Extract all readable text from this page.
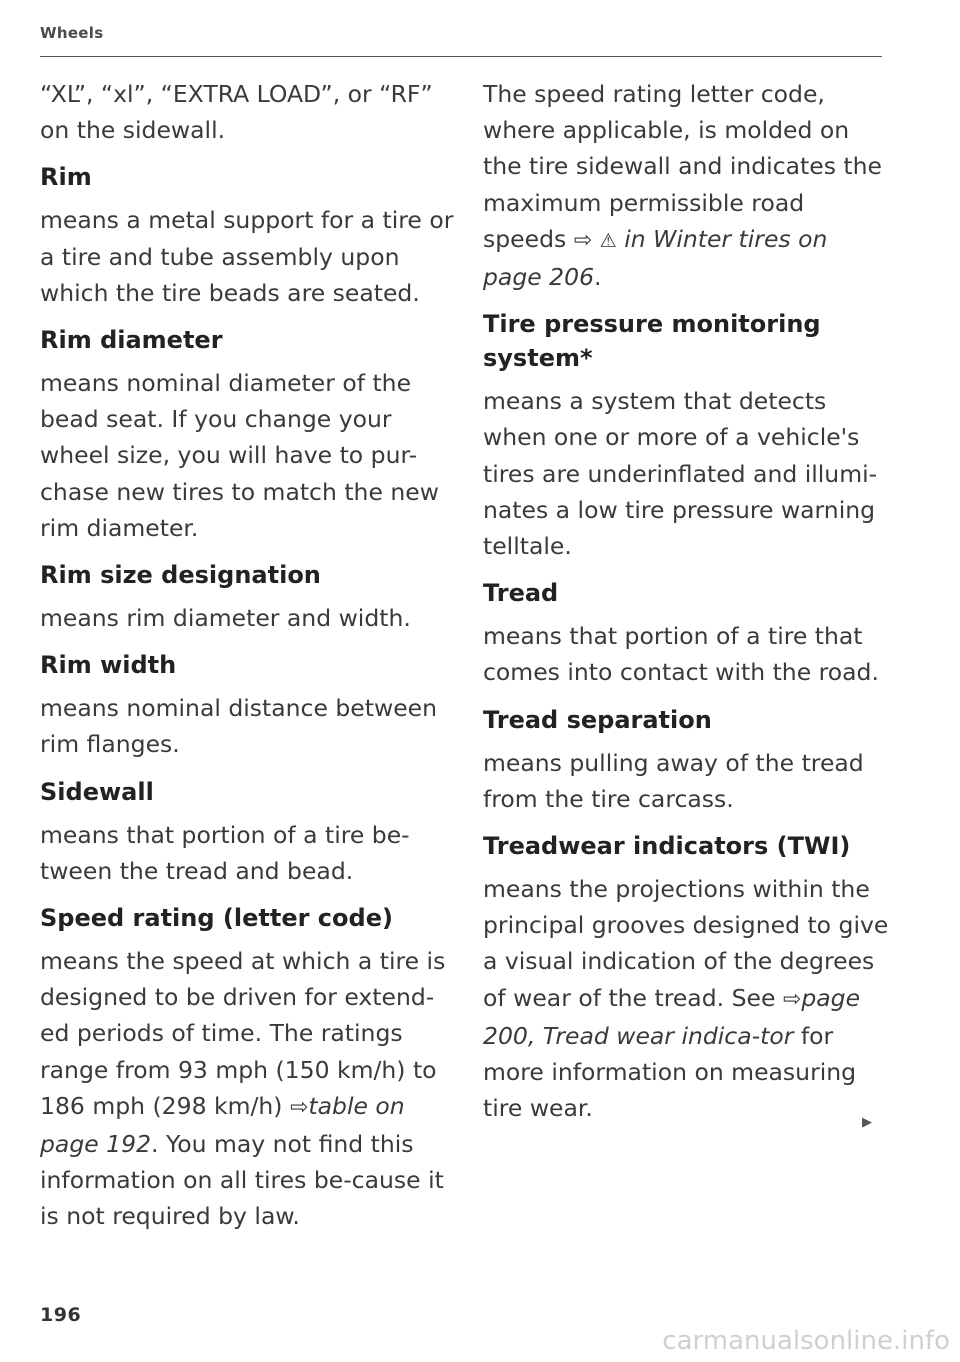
Wheels

“XL”, “xl”, “EXTRA LOAD”, or “RF” on the sidewall.

Rim

means a metal support for a tire or a tire and tube assembly upon which the tire beads are seated.

Rim diameter

means nominal diameter of the bead seat. If you change your wheel size, you will have to pur-chase new tires to match the new rim diameter.

Rim size designation

means rim diameter and width.

Rim width

means nominal distance between rim flanges.

Sidewall

means that portion of a tire be-tween the tread and bead.

Speed rating (letter code)

means the speed at which a tire is designed to be driven for extend-ed periods of time. The ratings range from 93 mph (150 km/h) to 186 mph (298 km/h) ⇨table on page 192. You may not find this information on all tires be-cause it is not required by law.

The speed rating letter code, where applicable, is molded on the tire sidewall and indicates the maximum permissible road speeds ⇨ ⚠ in Winter tires on page 206.

Tire pressure monitoring system*

means a system that detects when one or more of a vehicle's tires are underinflated and illumi-nates a low tire pressure warning telltale.

Tread

means that portion of a tire that comes into contact with the road.

Tread separation

means pulling away of the tread from the tire carcass.

Treadwear indicators (TWI)

means the projections within the principal grooves designed to give a visual indication of the degrees of wear of the tread. See ⇨page 200, Tread wear indica-tor for more information on measuring tire wear.

▶
196
carmanualsonline.info
